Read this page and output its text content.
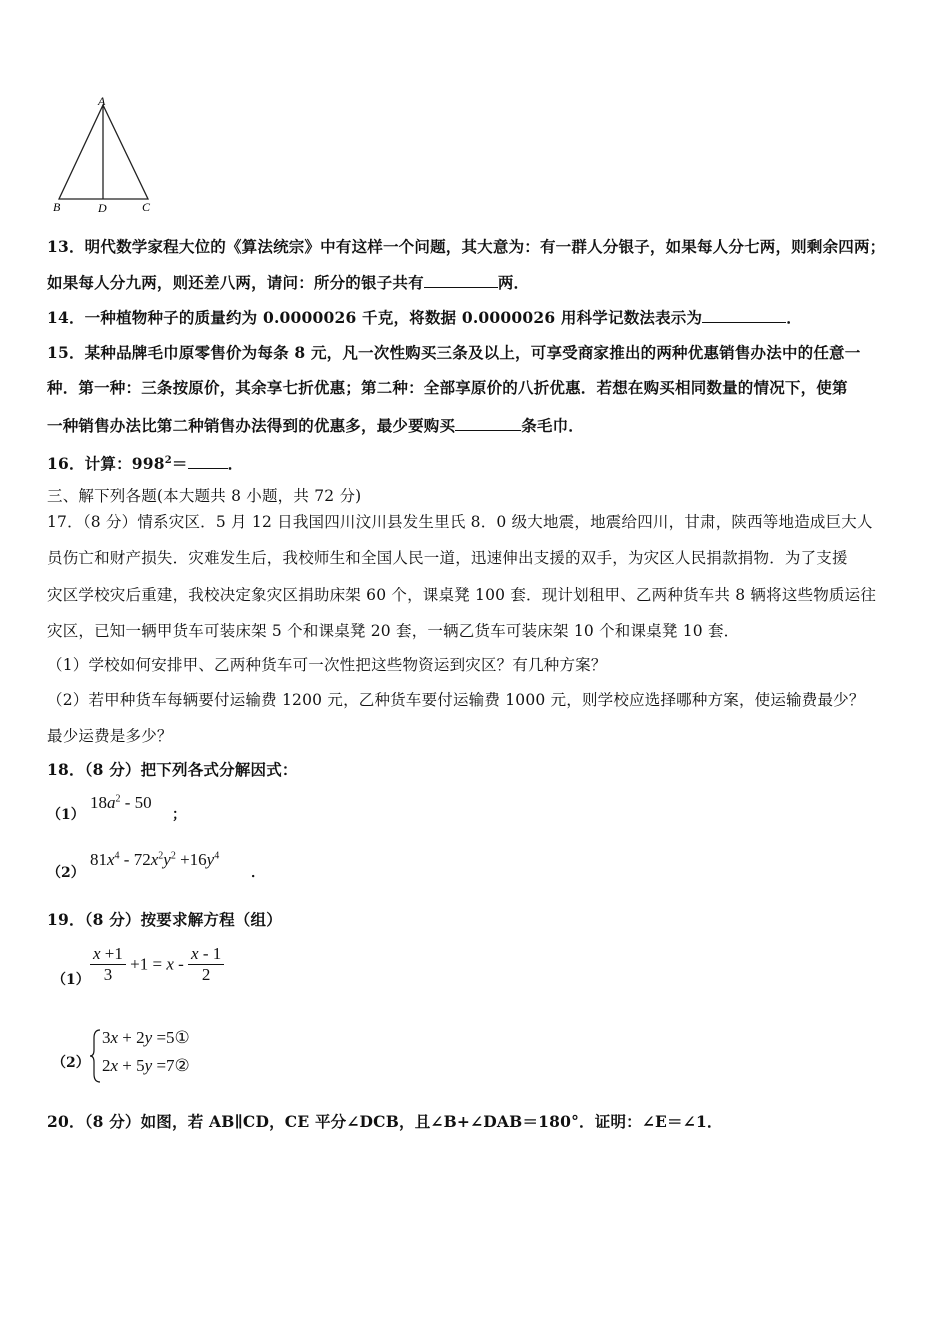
A
B	D	C
13．明代数学家程大位的《算法统宗》中有这样一个问题，其大意为：有一群人分银子，如果每人分七两，则剩余四两；
如果每人分九两，则还差八两，请问：所分的银子共有	两．
14．一种植物种子的质量约为 0.0000026 千克，将数据 0.0000026 用科学记数法表示为	．
15．某种品牌毛巾原零售价为每条 8 元，凡一次性购买三条及以上，可享受商家推出的两种优惠销售办法中的任意一
种．第一种：三条按原价，其余享七折优惠；第二种：全部享原价的八折优惠．若想在购买相同数量的情况下，使第
一种销售办法比第二种销售办法得到的优惠多，最少要购买	条毛巾．
16．计算：$998^2=$	．
三、解下列各题(本大题共 8 小题，共 72 分)
17．（8 分）情系灾区．5 月 12 日我国四川汶川县发生里氏 8．0 级大地震，地震给四川，甘肃，陕西等地造成巨大人
员伤亡和财产损失．灾难发生后，我校师生和全国人民一道，迅速伸出支援的双手，为灾区人民捐款捐物．为了支援
灾区学校灾后重建，我校决定象灾区捐助床架 60 个，课桌凳 100 套．现计划租甲、乙两种货车共 8 辆将这些物质运往
灾区，已知一辆甲货车可装床架 5 个和课桌凳 20 套，一辆乙货车可装床架 10 个和课桌凳 10 套．
（1）学校如何安排甲、乙两种货车可一次性把这些物资运到灾区？有几种方案？
（2）若甲种货车每辆要付运输费 1200 元，乙种货车要付运输费 1000 元，则学校应选择哪种方案，使运输费最少？
最少运费是多少？
18．（8 分）把下列各式分解因式：
（1）
$18a^2 - 50$
；
（2）
$81x^4 - 72x^2y^2 +16y^4$
．
19．（8 分）按要求解方程（组）
$(1) \frac{x +1}{3} +1 = x - \frac{x - 1}{2}$
（2）
3x + 2y =5①
2x + 5y =7②
20．（8 分）如图，若 AB∥CD，CE 平分∠DCB，且∠B+∠DAB＝180°．证明：∠E＝∠1．
